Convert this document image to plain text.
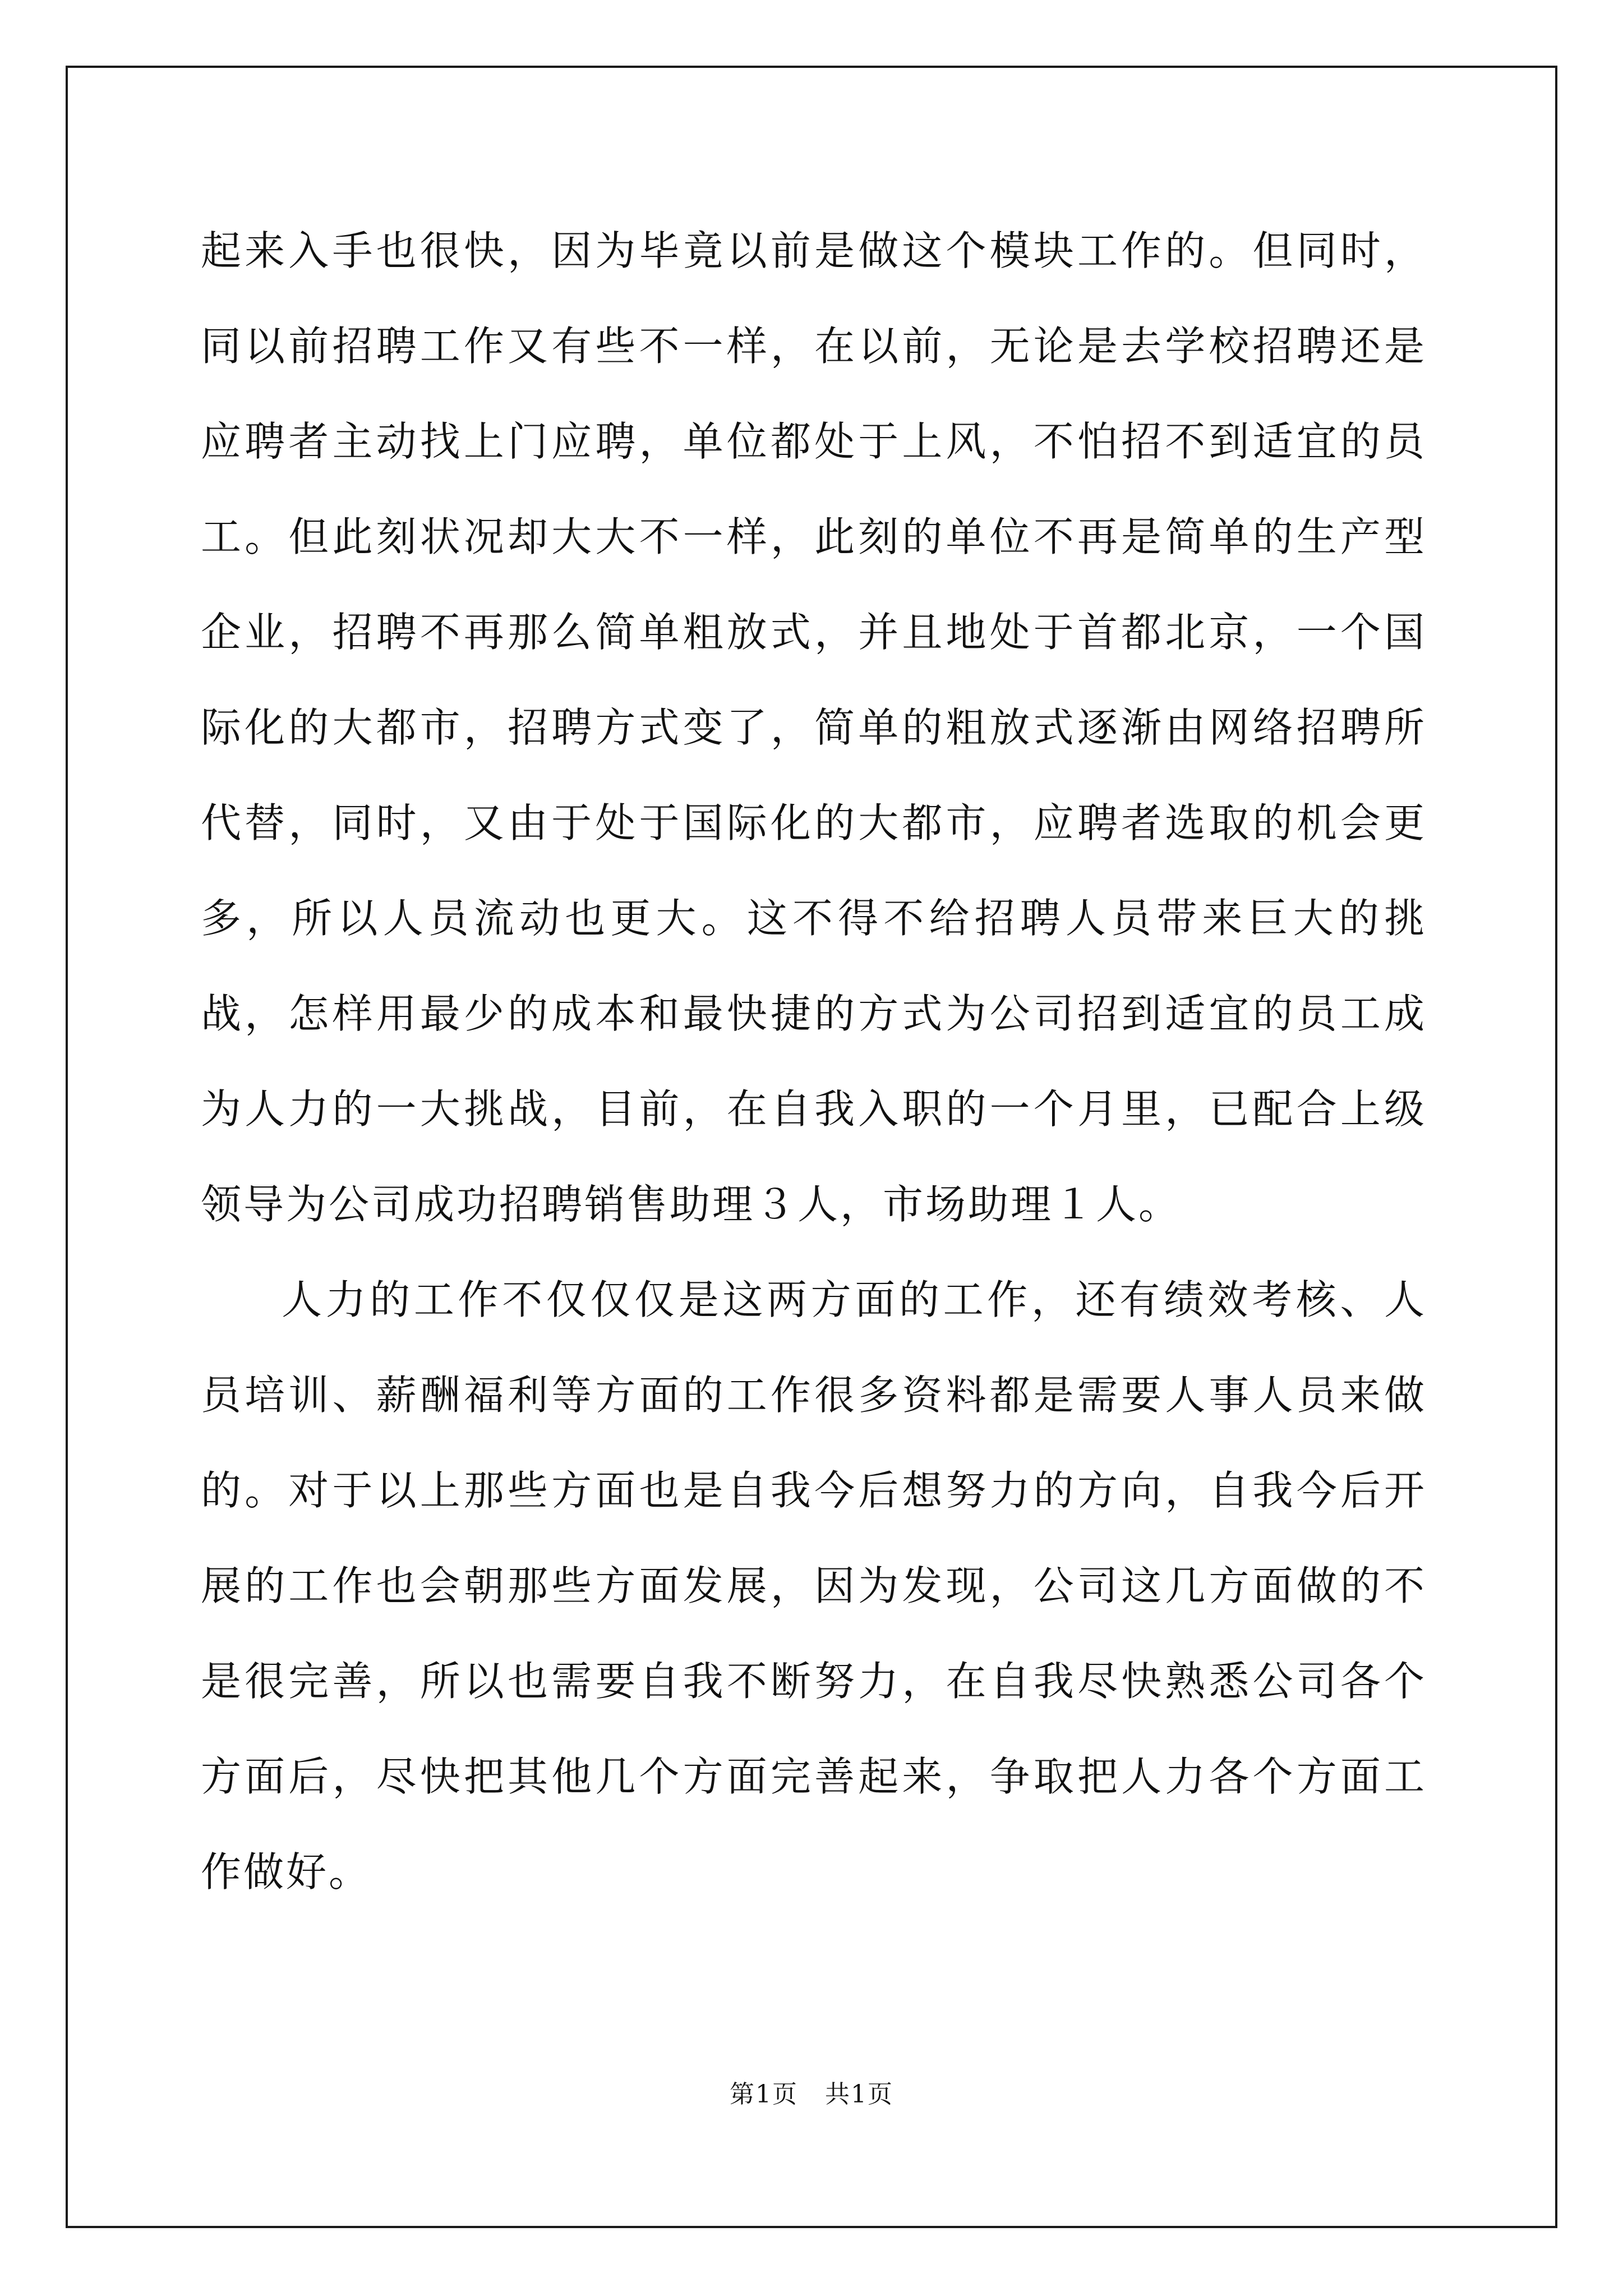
起来入手也很快，因为毕竟以前是做这个模块工作的。但同时，同以前招聘工作又有些不一样，在以前，无论是去学校招聘还是应聘者主动找上门应聘，单位都处于上风，不怕招不到适宜的员工。但此刻状况却大大不一样，此刻的单位不再是简单的生产型企业，招聘不再那么简单粗放式，并且地处于首都北京，一个国际化的大都市，招聘方式变了，简单的粗放式逐渐由网络招聘所代替，同时，又由于处于国际化的大都市，应聘者选取的机会更多，所以人员流动也更大。这不得不给招聘人员带来巨大的挑战，怎样用最少的成本和最快捷的方式为公司招到适宜的员工成为人力的一大挑战，目前，在自我入职的一个月里，已配合上级领导为公司成功招聘销售助理３人，市场助理１人。

人力的工作不仅仅仅是这两方面的工作，还有绩效考核、人员培训、薪酬福利等方面的工作很多资料都是需要人事人员来做的。对于以上那些方面也是自我今后想努力的方向，自我今后开展的工作也会朝那些方面发展，因为发现，公司这几方面做的不是很完善，所以也需要自我不断努力，在自我尽快熟悉公司各个方面后，尽快把其他几个方面完善起来，争取把人力各个方面工作做好。

第1页 共1页
